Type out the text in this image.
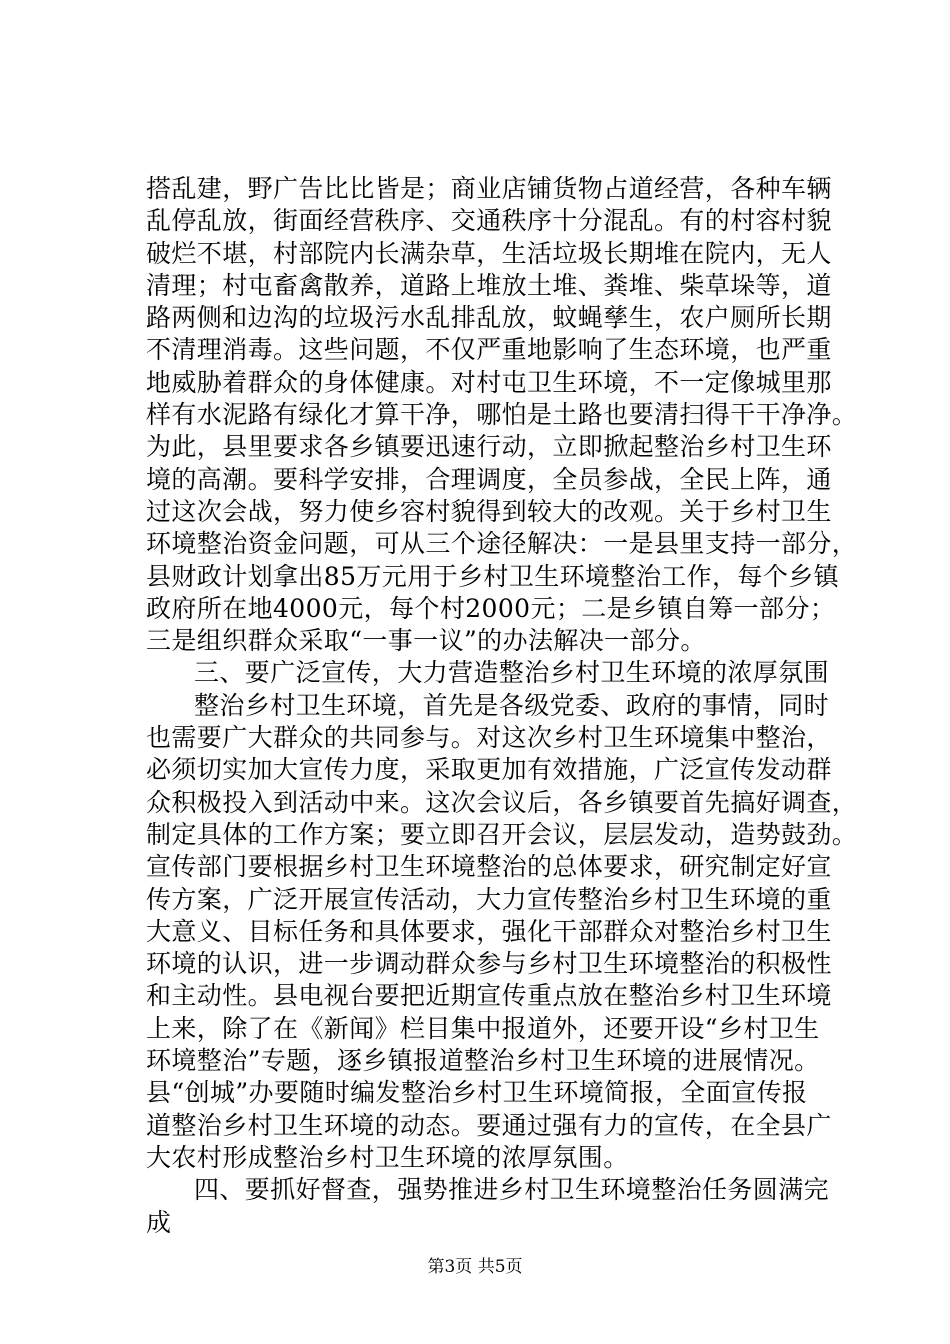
搭乱建，野广告比比皆是；商业店铺货物占道经营，各种车辆
乱停乱放，街面经营秩序、交通秩序十分混乱。有的村容村貌
破烂不堪，村部院内长满杂草，生活垃圾长期堆在院内，无人
清理；村屯畜禽散养，道路上堆放土堆、粪堆、柴草垛等，道
路两侧和边沟的垃圾污水乱排乱放，蚊蝇孳生，农户厕所长期
不清理消毒。这些问题，不仅严重地影响了生态环境，也严重
地威胁着群众的身体健康。对村屯卫生环境，不一定像城里那
样有水泥路有绿化才算干净，哪怕是土路也要清扫得干干净净。
为此，县里要求各乡镇要迅速行动，立即掀起整治乡村卫生环
境的高潮。要科学安排，合理调度，全员参战，全民上阵，通
过这次会战，努力使乡容村貌得到较大的改观。关于乡村卫生
环境整治资金问题，可从三个途径解决：一是县里支持一部分，
县财政计划拿出85万元用于乡村卫生环境整治工作，每个乡镇
政府所在地4000元，每个村2000元；二是乡镇自筹一部分；
三是组织群众采取“一事一议”的办法解决一部分。
三、要广泛宣传，大力营造整治乡村卫生环境的浓厚氛围
整治乡村卫生环境，首先是各级党委、政府的事情，同时
也需要广大群众的共同参与。对这次乡村卫生环境集中整治，
必须切实加大宣传力度，采取更加有效措施，广泛宣传发动群
众积极投入到活动中来。这次会议后，各乡镇要首先搞好调查，
制定具体的工作方案；要立即召开会议，层层发动，造势鼓劲。
宣传部门要根据乡村卫生环境整治的总体要求，研究制定好宣
传方案，广泛开展宣传活动，大力宣传整治乡村卫生环境的重
大意义、目标任务和具体要求，强化干部群众对整治乡村卫生
环境的认识，进一步调动群众参与乡村卫生环境整治的积极性
和主动性。县电视台要把近期宣传重点放在整治乡村卫生环境
上来，除了在《新闻》栏目集中报道外，还要开设“乡村卫生
环境整治”专题，逐乡镇报道整治乡村卫生环境的进展情况。
县“创城”办要随时编发整治乡村卫生环境简报，全面宣传报
道整治乡村卫生环境的动态。要通过强有力的宣传，在全县广
大农村形成整治乡村卫生环境的浓厚氛围。
四、要抓好督查，强势推进乡村卫生环境整治任务圆满完
成
第3页 共5页
